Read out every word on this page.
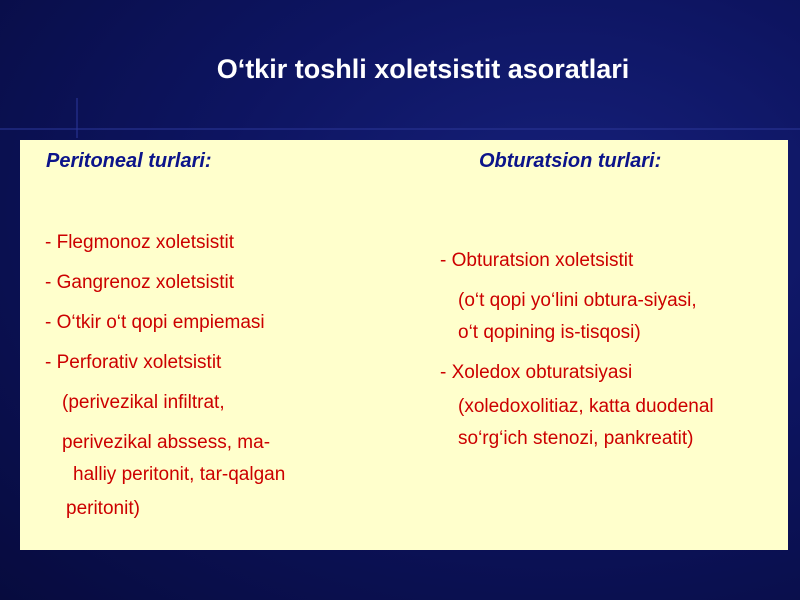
O‘tkir toshli xoletsistit asoratlari
Peritoneal turlari:	Obturatsion turlari:
- Flegmonoz xoletsistit
- Gangrenoz xoletsistit
- O‘tkir o‘t qopi empiemasi
- Perforativ xoletsistit
(perivezikal infiltrat,
perivezikal abssess, ma-
halliy peritonit, tar-qalgan
peritonit)
- Obturatsion xoletsistit
(o‘t qopi yo‘lini obtura-siyasi,
o‘t qopining is-tisqosi)
- Xoledox obturatsiyasi
(xoledoxolitiaz, katta duodenal
so‘rg‘ich stenozi, pankreatit)
